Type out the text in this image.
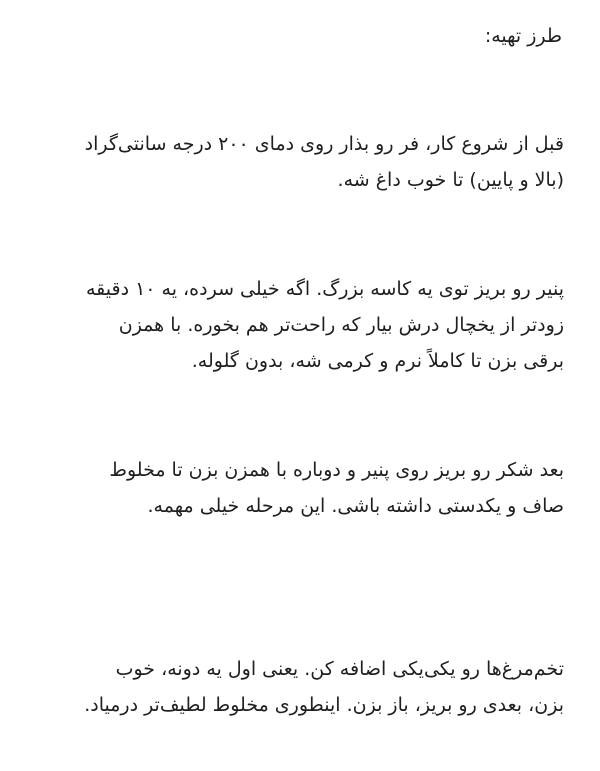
طرز تهیه:

قبل از شروع کار، فر رو بذار روی دمای ۲۰۰ درجه سانتی‌گراد
(بالا و پایین) تا خوب داغ شه.

پنیر رو بریز توی یه کاسه بزرگ. اگه خیلی سرده، یه ۱۰ دقیقه
زودتر از یخچال درش بیار که راحت‌تر هم بخوره. با همزن
برقی بزن تا کاملاً نرم و کرمی شه، بدون گلوله.

بعد شکر رو بریز روی پنیر و دوباره با همزن بزن تا مخلوط
صاف و یکدستی داشته باشی. این مرحله خیلی مهمه.

تخم‌مرغ‌ها رو یکی‌یکی اضافه کن. یعنی اول یه دونه، خوب
بزن، بعدی رو بریز، باز بزن. اینطوری مخلوط لطیف‌تر درمیاد.
